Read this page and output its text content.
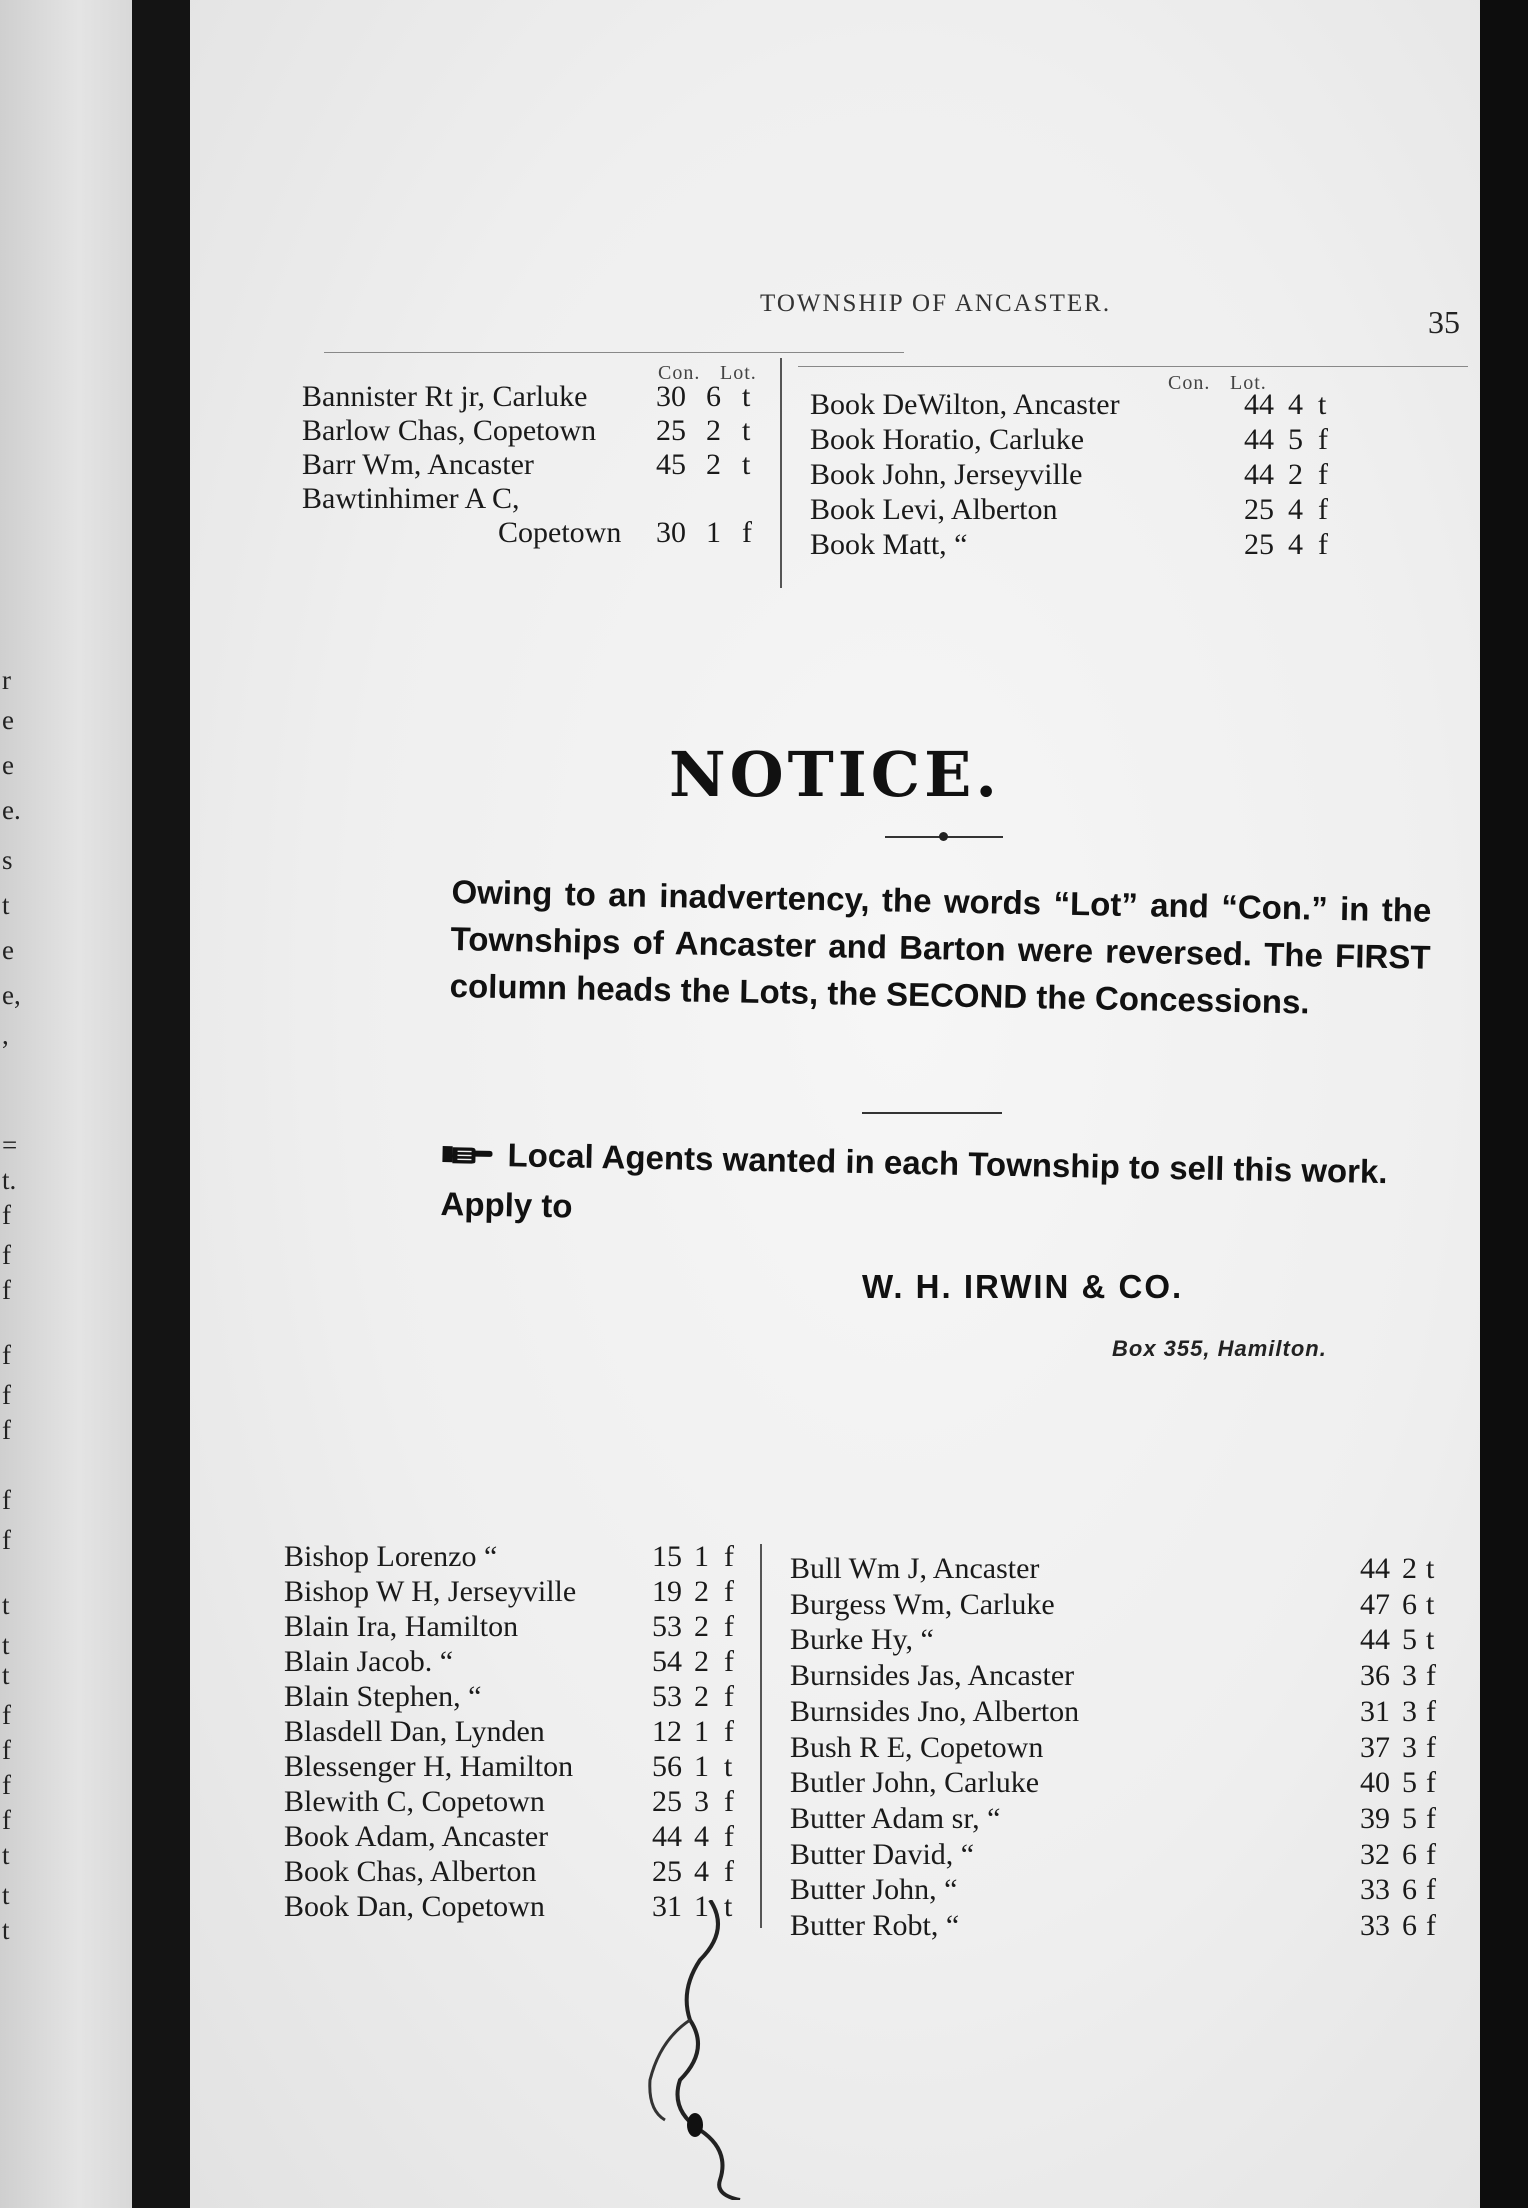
r
e
e
e.
s
t
e
e,
,
=
t.
f
f
f
f
f
f
f
f
t
t
t
f
f
f
f
t
t
t
TOWNSHIP OF ANCASTER.
35
Con. Lot.	Con. Lot.
Bannister Rt jr, Carluke 30 6 t
Barlow Chas, Copetown 25 2 t
Barr Wm, Ancaster	45 2 t
Bawtinhimer A C,
Copetown 30 1 f
Book DeWilton, Ancaster	44 4 t
Book Horatio, Carluke	44 5 f
Book John, Jerseyville	44 2 f
Book Levi, Alberton	25 4 f
Book Matt, “	25 4 f
NOTICE.
Owing to an inadvertency, the words “Lot” and “Con.” in the Townships of Ancaster and Barton were reversed. The FIRST column heads the Lots, the SECOND the Concessions.
Local Agents wanted in each Township to sell this work. Apply to
W. H. IRWIN & CO.
Box 355, Hamilton.
Bishop Lorenzo “	15 1 f
Bishop W H, Jerseyville	19 2 f
Blain Ira, Hamilton	53 2 f
Blain Jacob. “	54 2 f
Blain Stephen, “	53 2 f
Blasdell Dan, Lynden	12 1 f
Blessenger H, Hamilton	56 1 t
Blewith C, Copetown	25 3 f
Book Adam, Ancaster	44 4 f
Book Chas, Alberton	25 4 f
Book Dan, Copetown	31 1 t
Bull Wm J, Ancaster	44 2 t
Burgess Wm, Carluke	47 6 t
Burke Hy, “	44 5 t
Burnsides Jas, Ancaster	36 3 f
Burnsides Jno, Alberton	31 3 f
Bush R E, Copetown	37 3 f
Butler John, Carluke	40 5 f
Butter Adam sr, “	39 5 f
Butter David, “	32 6 f
Butter John, “	33 6 f
Butter Robt, “	33 6 f
